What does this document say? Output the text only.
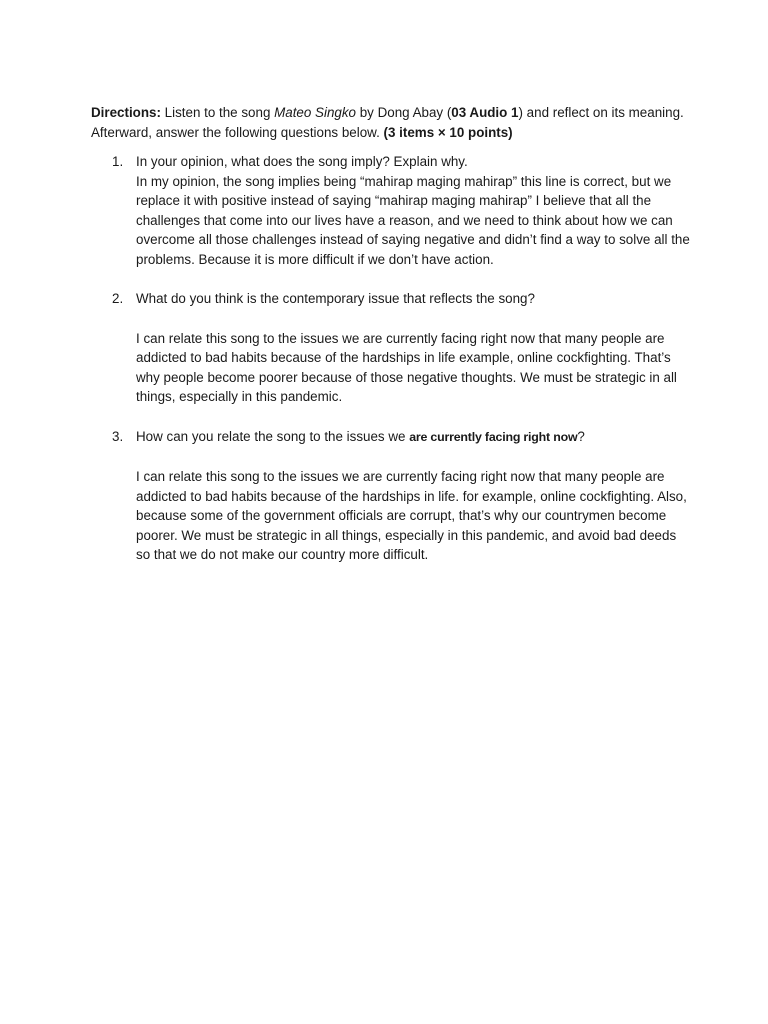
Directions: Listen to the song Mateo Singko by Dong Abay (03 Audio 1) and reflect on its meaning. Afterward, answer the following questions below. (3 items × 10 points)

1. In your opinion, what does the song imply? Explain why.

In my opinion, the song implies being “mahirap maging mahirap” this line is correct, but we replace it with positive instead of saying “mahirap maging mahirap” I believe that all the challenges that come into our lives have a reason, and we need to think about how we can overcome all those challenges instead of saying negative and didn’t find a way to solve all the problems. Because it is more difficult if we don’t have action.

2. What do you think is the contemporary issue that reflects the song?

I can relate this song to the issues we are currently facing right now that many people are addicted to bad habits because of the hardships in life example, online cockfighting. That’s why people become poorer because of those negative thoughts. We must be strategic in all things, especially in this pandemic.

3. How can you relate the song to the issues we are currently facing right now?

I can relate this song to the issues we are currently facing right now that many people are addicted to bad habits because of the hardships in life. for example, online cockfighting. Also, because some of the government officials are corrupt, that’s why our countrymen become poorer. We must be strategic in all things, especially in this pandemic, and avoid bad deeds so that we do not make our country more difficult.
